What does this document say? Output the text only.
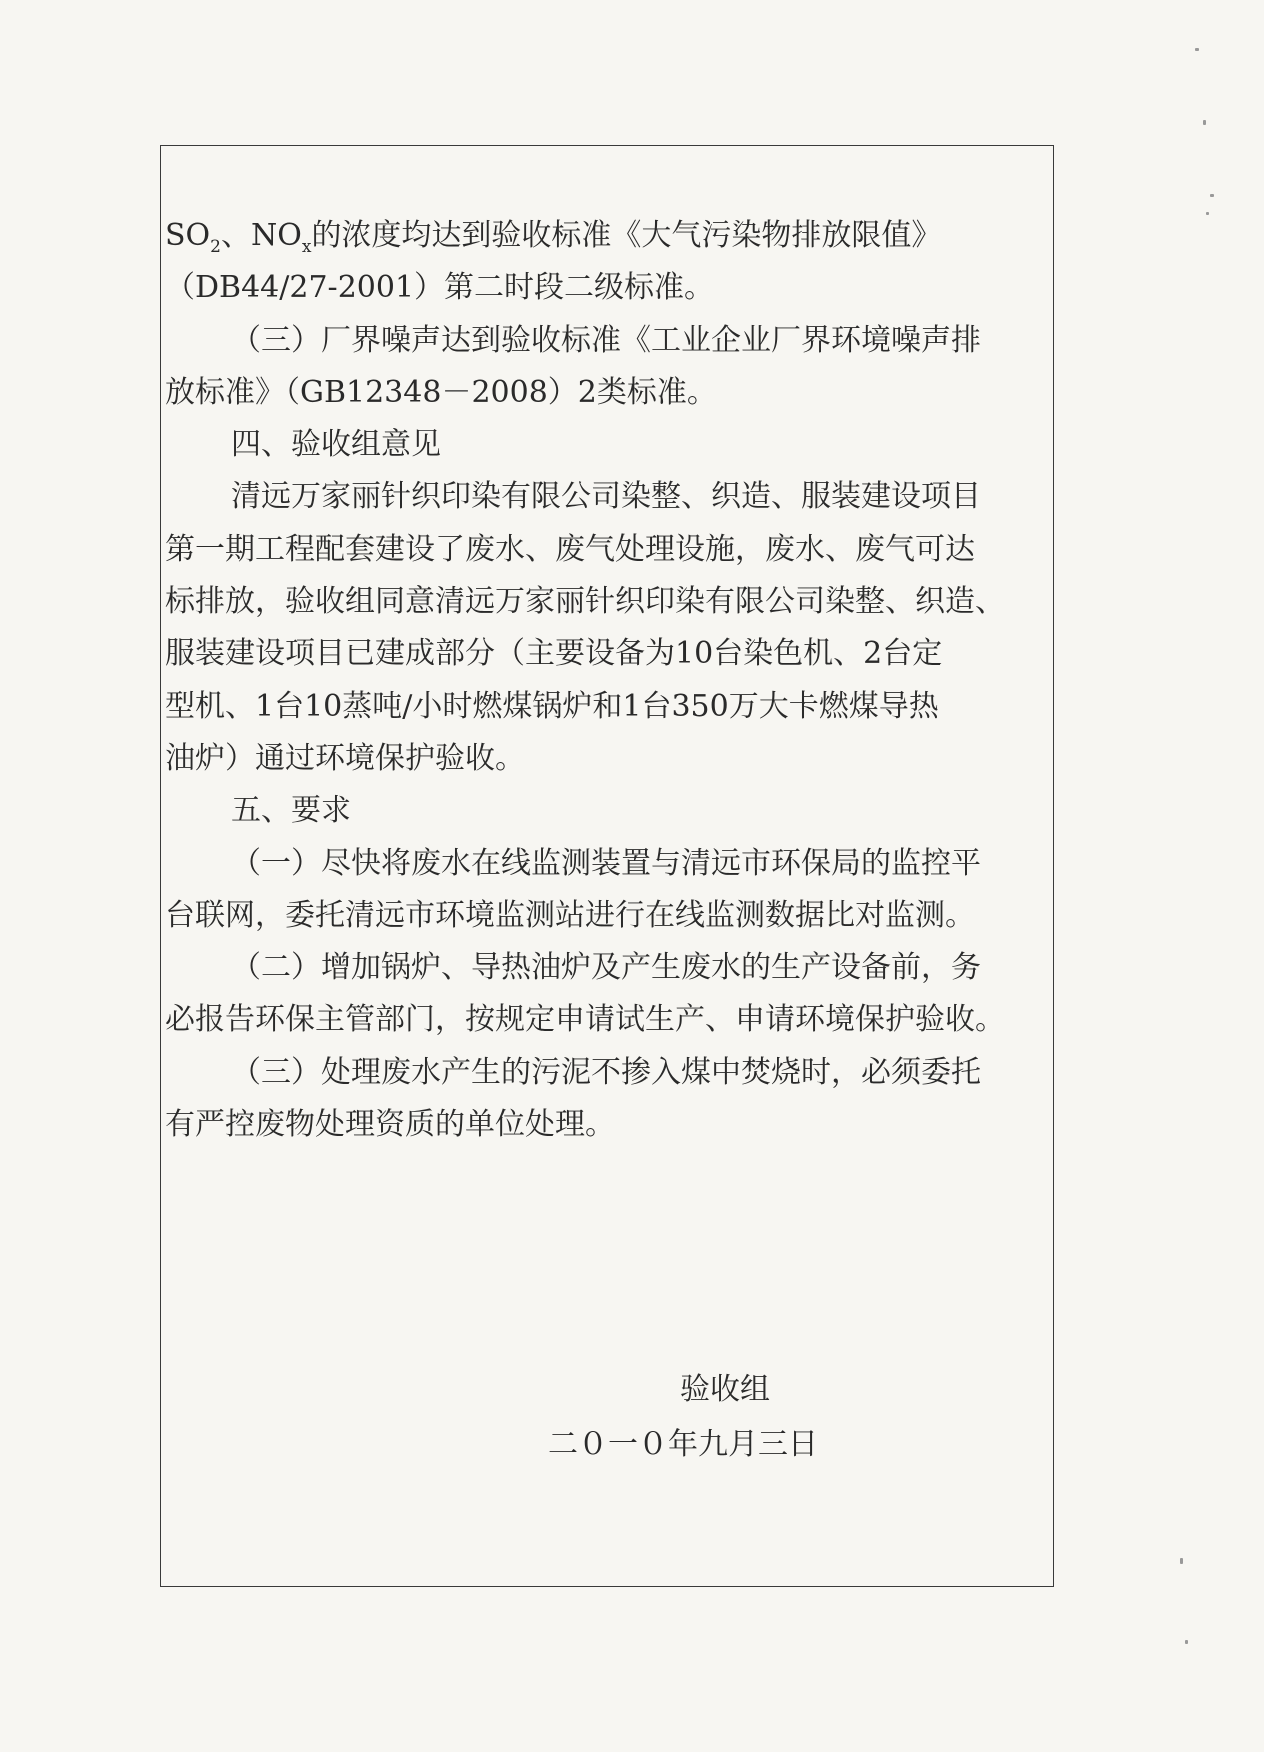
$SO_2$、$NO_x$的浓度均达到验收标准《大气污染物排放限值》
（DB44/27-2001）第二时段二级标准。
（三）厂界噪声达到验收标准《工业企业厂界环境噪声排
放标准》（GB12348－2008）2类标准。
四、验收组意见
清远万家丽针织印染有限公司染整、织造、服装建设项目
第一期工程配套建设了废水、废气处理设施，废水、废气可达
标排放，验收组同意清远万家丽针织印染有限公司染整、织造、
服装建设项目已建成部分（主要设备为10台染色机、2台定
型机、1台10蒸吨/小时燃煤锅炉和1台350万大卡燃煤导热
油炉）通过环境保护验收。
五、要求
（一）尽快将废水在线监测装置与清远市环保局的监控平
台联网，委托清远市环境监测站进行在线监测数据比对监测。
（二）增加锅炉、导热油炉及产生废水的生产设备前，务
必报告环保主管部门，按规定申请试生产、申请环境保护验收。
（三）处理废水产生的污泥不掺入煤中焚烧时，必须委托
有严控废物处理资质的单位处理。
验收组
二０一０年九月三日
